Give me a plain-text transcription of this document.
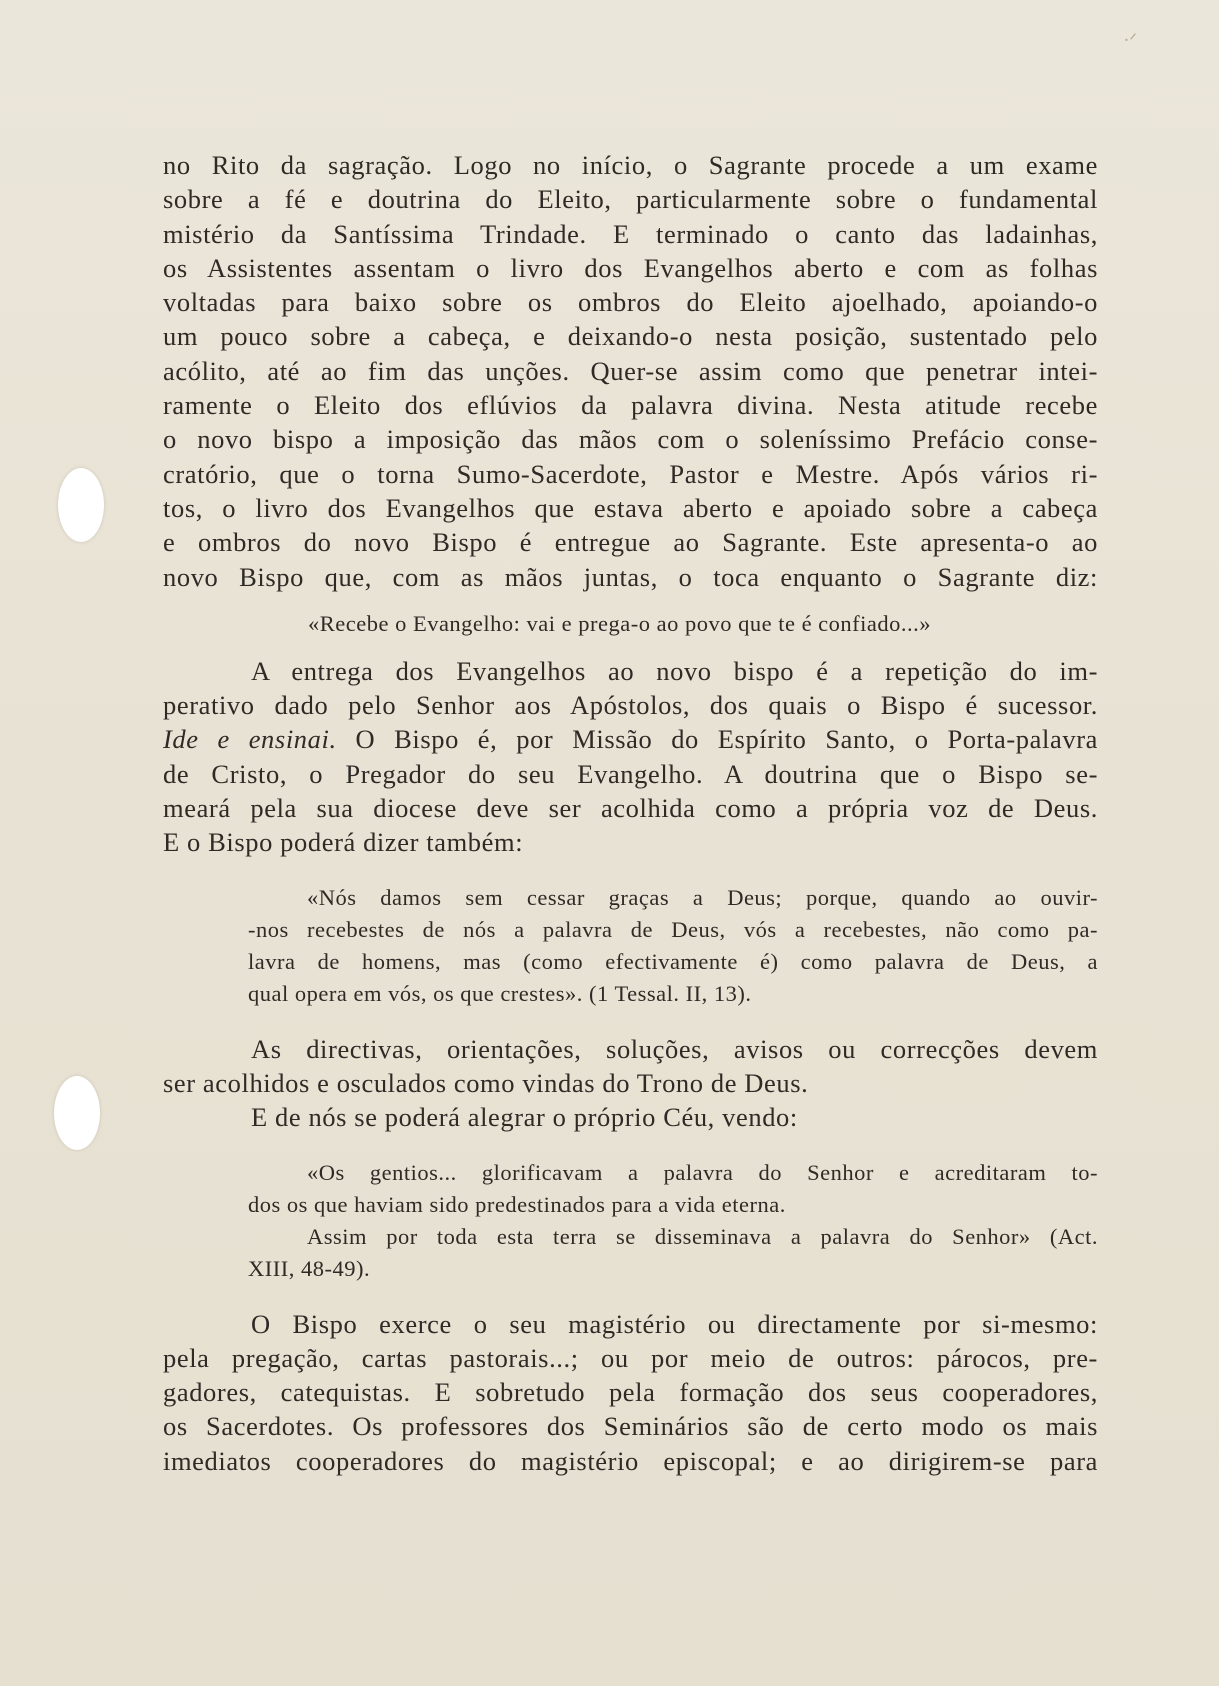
·ᐟ
no Rito da sagração. Logo no início, o Sagrante procede a um exame
sobre a fé e doutrina do Eleito, particularmente sobre o fundamental
mistério da Santíssima Trindade. E terminado o canto das ladainhas,
os Assistentes assentam o livro dos Evangelhos aberto e com as folhas
voltadas para baixo sobre os ombros do Eleito ajoelhado, apoiando-o
um pouco sobre a cabeça, e deixando-o nesta posição, sustentado pelo
acólito, até ao fim das unções. Quer-se assim como que penetrar intei-
ramente o Eleito dos eflúvios da palavra divina. Nesta atitude recebe
o novo bispo a imposição das mãos com o soleníssimo Prefácio conse-
cratório, que o torna Sumo-Sacerdote, Pastor e Mestre. Após vários ri-
tos, o livro dos Evangelhos que estava aberto e apoiado sobre a cabeça
e ombros do novo Bispo é entregue ao Sagrante. Este apresenta-o ao
novo Bispo que, com as mãos juntas, o toca enquanto o Sagrante diz:
«Recebe o Evangelho: vai e prega-o ao povo que te é confiado...»
A entrega dos Evangelhos ao novo bispo é a repetição do im-
perativo dado pelo Senhor aos Apóstolos, dos quais o Bispo é sucessor.
Ide e ensinai. O Bispo é, por Missão do Espírito Santo, o Porta-palavra
de Cristo, o Pregador do seu Evangelho. A doutrina que o Bispo se-
meará pela sua diocese deve ser acolhida como a própria voz de Deus.
E o Bispo poderá dizer também:
«Nós damos sem cessar graças a Deus; porque, quando ao ouvir-
-nos recebestes de nós a palavra de Deus, vós a recebestes, não como pa-
lavra de homens, mas (como efectivamente é) como palavra de Deus, a
qual opera em vós, os que crestes». (1 Tessal. II, 13).
As directivas, orientações, soluções, avisos ou correcções devem
ser acolhidos e osculados como vindas do Trono de Deus.
E de nós se poderá alegrar o próprio Céu, vendo:
«Os gentios... glorificavam a palavra do Senhor e acreditaram to-
dos os que haviam sido predestinados para a vida eterna.
Assim por toda esta terra se disseminava a palavra do Senhor» (Act.
XIII, 48-49).
O Bispo exerce o seu magistério ou directamente por si-mesmo:
pela pregação, cartas pastorais...; ou por meio de outros: párocos, pre-
gadores, catequistas. E sobretudo pela formação dos seus cooperadores,
os Sacerdotes. Os professores dos Seminários são de certo modo os mais
imediatos cooperadores do magistério episcopal; e ao dirigirem-se para
